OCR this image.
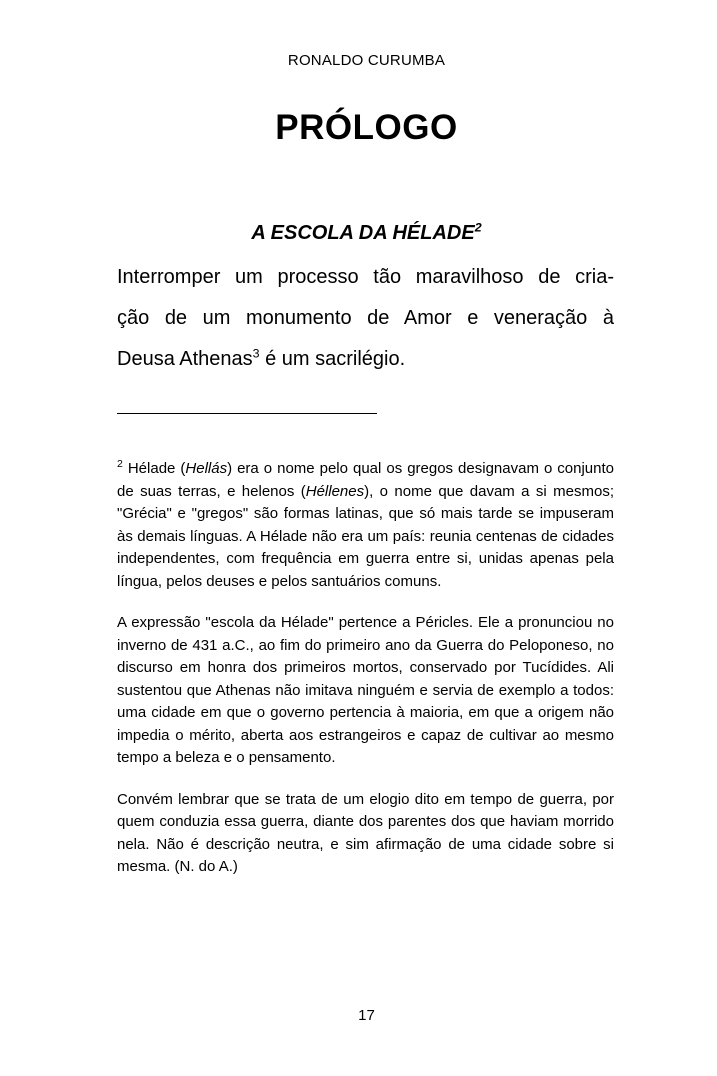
RONALDO CURUMBA
PRÓLOGO
A ESCOLA DA HÉLADE$^2$
Interromper um processo tão maravilhoso de cria-
ção de um monumento de Amor e veneração à
Deusa Athenas$^3$ é um sacrilégio.

$^2$ Hélade (Hellás) era o nome pelo qual os gregos designavam o conjunto de suas terras, e helenos (Héllenes), o nome que davam a si mesmos; "Grécia" e "gregos" são formas latinas, que só mais tarde se impuseram às demais línguas. A Hélade não era um país: reunia centenas de cidades independentes, com frequência em guerra entre si, unidas apenas pela língua, pelos deuses e pelos santuários comuns.

A expressão "escola da Hélade" pertence a Péricles. Ele a pronunciou no inverno de 431 a.C., ao fim do primeiro ano da Guerra do Peloponeso, no discurso em honra dos primeiros mortos, conservado por Tucídides. Ali sustentou que Athenas não imitava ninguém e servia de exemplo a todos: uma cidade em que o governo pertencia à maioria, em que a origem não impedia o mérito, aberta aos estrangeiros e capaz de cultivar ao mesmo tempo a beleza e o pensamento.

Convém lembrar que se trata de um elogio dito em tempo de guerra, por quem conduzia essa guerra, diante dos parentes dos que haviam morrido nela. Não é descrição neutra, e sim afirmação de uma cidade sobre si mesma. (N. do A.)

17
